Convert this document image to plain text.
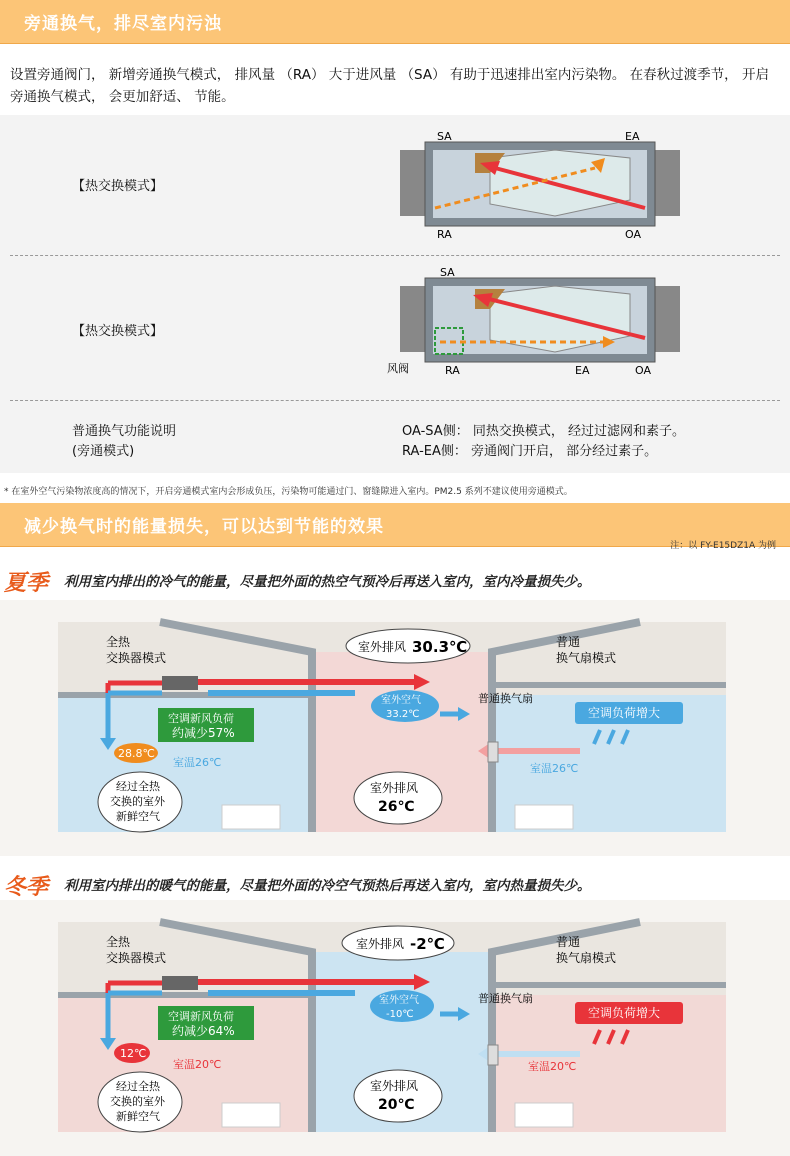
旁通换气，排尽室内污浊
设置旁通阀门， 新增旁通换气模式， 排风量 （RA） 大于进风量 （SA） 有助于迅速排出室内污染物。 在春秋过渡季节， 开启旁通换气模式， 会更加舒适、 节能。
【热交换模式】
【热交换模式】
普通换气功能说明
(旁通模式)
OA-SA侧： 同热交换模式， 经过过滤网和素子。
RA-EA侧： 旁通阀门开启， 部分经过素子。
SA	EA
RA	OA
SA
风阀	RA	EA	OA
* 在室外空气污染物浓度高的情况下，开启旁通模式室内会形成负压，污染物可能通过门、窗缝隙进入室内。PM2.5 系列不建议使用旁通模式。
减少换气时的能量损失，可以达到节能的效果
注：以 FY-E15DZ1A 为例
夏季 利用室内排出的冷气的能量，尽量把外面的热空气预冷后再送入室内，室内冷量损失少。
空调新风负荷
约减少57%
28.8℃
室温26℃	室温26℃
全热
交换器模式
普通
换气扇模式
室外排风 30.3℃
室外空气
33.2℃
普通换气扇
空调负荷增大
经过全热
交换的室外
新鲜空气
室外排风
26℃
冬季 利用室内排出的暖气的能量，尽量把外面的冷空气预热后再送入室内，室内热量损失少。
空调新风负荷
约减少64%
12℃
室温20℃	室温20℃
全热
交换器模式
普通
换气扇模式
室外排风 -2℃
室外空气
-10℃
普通换气扇
空调负荷增大
经过全热
交换的室外
新鲜空气
室外排风
20℃
